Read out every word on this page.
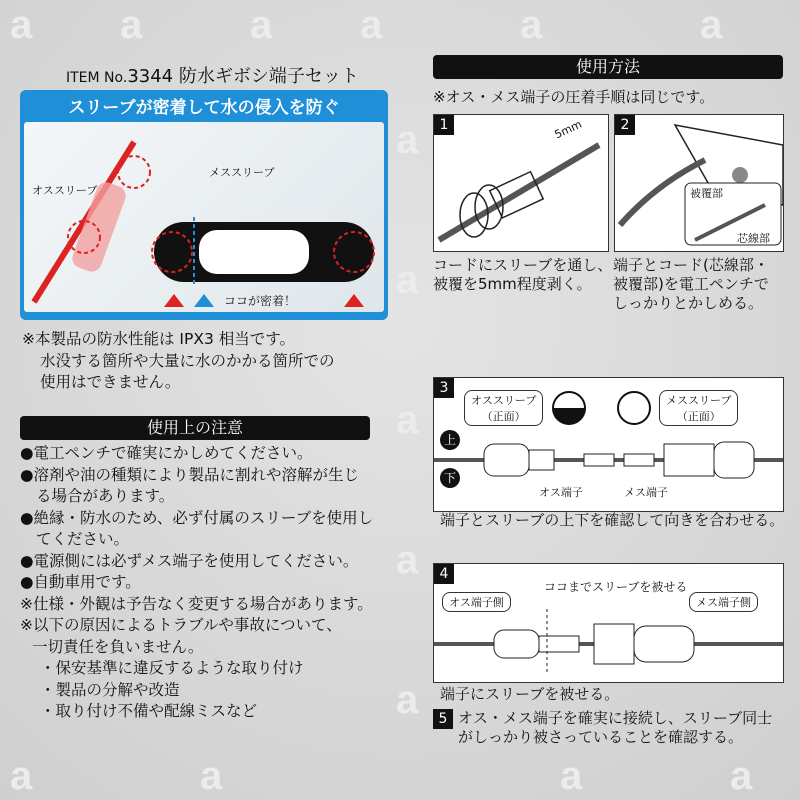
a a	a a	a	a
a
a
a
a
a
a	a	a	a
ITEM No.3344 防水ギボシ端子セット
スリーブが密着して水の侵入を防ぐ
オススリーブ
メススリーブ
ココが密着！
※本製品の防水性能は IPX3 相当です。
水没する箇所や大量に水のかかる箇所での
使用はできません。
使用上の注意
●電工ペンチで確実にかしめてください。
●溶剤や油の種類により製品に割れや溶解が生じ
る場合があります。
●絶縁・防水のため、必ず付属のスリーブを使用し
てください。
●電源側には必ずメス端子を使用してください。
●自動車用です。
※仕様・外観は予告なく変更する場合があります。
※以下の原因によるトラブルや事故について、
一切責任を負いません。
・保安基準に違反するような取り付け
・製品の分解や改造
・取り付け不備や配線ミスなど
使用方法
※オス・メス端子の圧着手順は同じです。
1	5mm	2
被覆部
芯線部
コードにスリーブを通し、
被覆を5mm程度剥く。
端子とコード(芯線部・
被覆部)を電工ペンチで
しっかりとかしめる。
3
オススリーブ
（正面）
メススリーブ
（正面）
上
下
オス端子	メス端子
端子とスリーブの上下を確認して向きを合わせる。
4
オス端子側	メス端子側
ココまでスリーブを被せる
端子にスリーブを被せる。
5 オス・メス端子を確実に接続し、スリーブ同士
がしっかり被さっていることを確認する。
